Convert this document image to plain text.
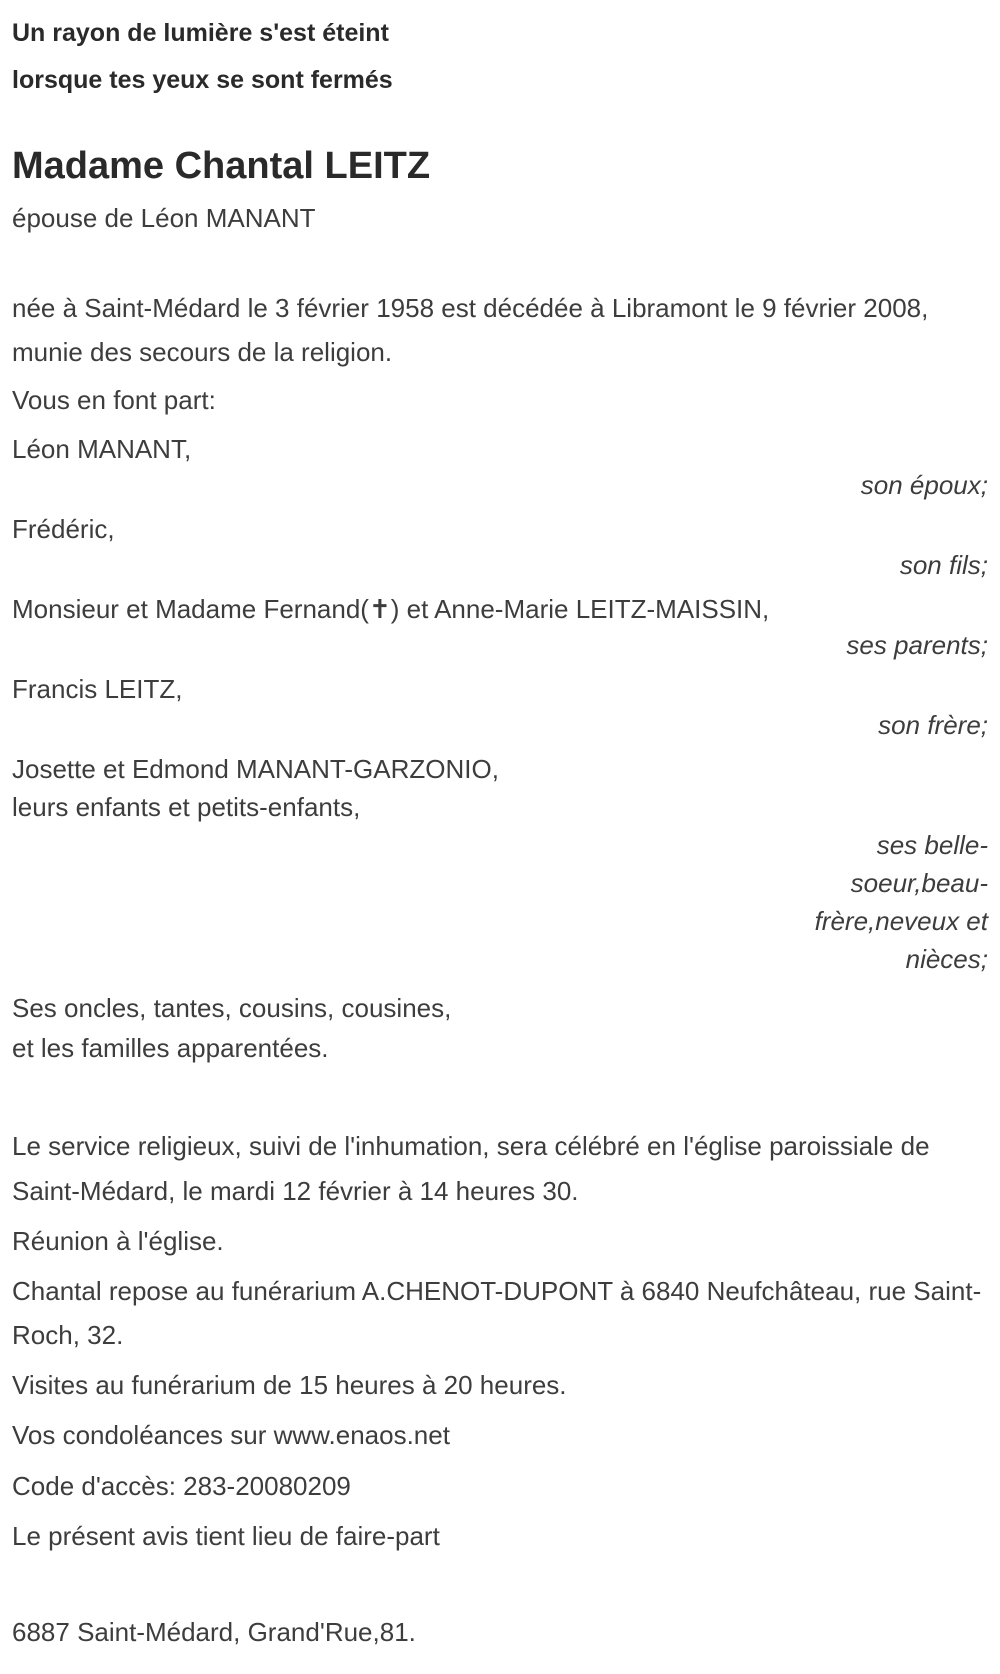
Un rayon de lumière s'est éteint
lorsque tes yeux se sont fermés
Madame Chantal LEITZ
épouse de Léon MANANT
née à Saint-Médard le 3 février 1958 est décédée à Libramont le 9 février 2008, munie des secours de la religion.
Vous en font part:
Léon MANANT,
son époux;
Frédéric,
son fils;
Monsieur et Madame Fernand(✝) et Anne-Marie LEITZ-MAISSIN,
ses parents;
Francis LEITZ,
son frère;
Josette et Edmond MANANT-GARZONIO,
leurs enfants et petits-enfants,
ses belle-
soeur,beau-
frère,neveux et
nièces;
Ses oncles, tantes, cousins, cousines,
et les familles apparentées.
Le service religieux, suivi de l'inhumation, sera célébré en l'église paroissiale de Saint-Médard, le mardi 12 février à 14 heures 30.
Réunion à l'église.
Chantal repose au funérarium A.CHENOT-DUPONT à 6840 Neufchâteau, rue Saint-Roch, 32.
Visites au funérarium de 15 heures à 20 heures.
Vos condoléances sur www.enaos.net
Code d'accès: 283-20080209
Le présent avis tient lieu de faire-part
6887 Saint-Médard, Grand'Rue,81.
